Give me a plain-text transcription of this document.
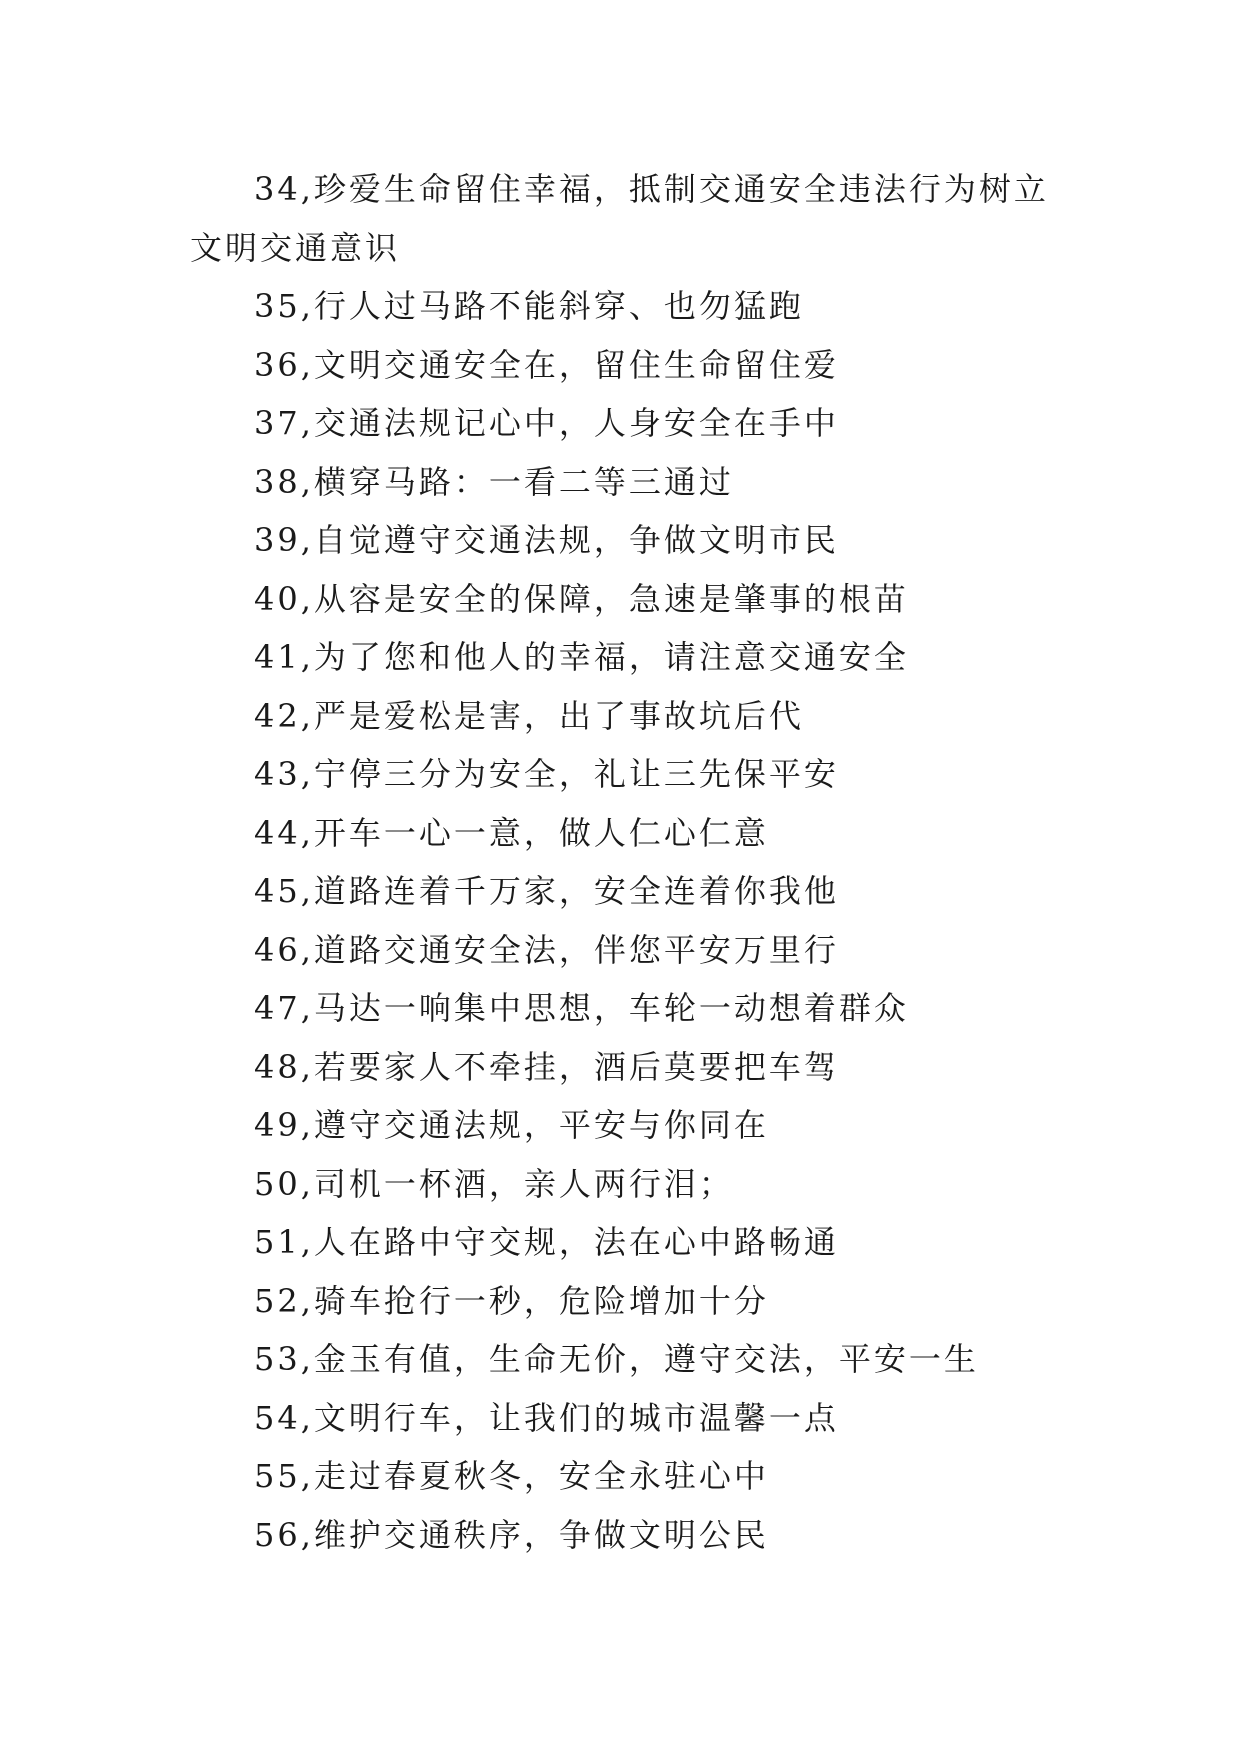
34,珍爱生命留住幸福，抵制交通安全违法行为树立文明交通意识

35,行人过马路不能斜穿、也勿猛跑

36,文明交通安全在，留住生命留住爱

37,交通法规记心中，人身安全在手中

38,横穿马路：一看二等三通过

39,自觉遵守交通法规，争做文明市民

40,从容是安全的保障，急速是肇事的根苗

41,为了您和他人的幸福，请注意交通安全

42,严是爱松是害，出了事故坑后代

43,宁停三分为安全，礼让三先保平安

44,开车一心一意，做人仁心仁意

45,道路连着千万家，安全连着你我他

46,道路交通安全法，伴您平安万里行

47,马达一响集中思想，车轮一动想着群众

48,若要家人不牵挂，酒后莫要把车驾

49,遵守交通法规，平安与你同在

50,司机一杯酒，亲人两行泪；

51,人在路中守交规，法在心中路畅通

52,骑车抢行一秒，危险增加十分

53,金玉有值，生命无价，遵守交法，平安一生

54,文明行车，让我们的城市温馨一点

55,走过春夏秋冬，安全永驻心中

56,维护交通秩序，争做文明公民
